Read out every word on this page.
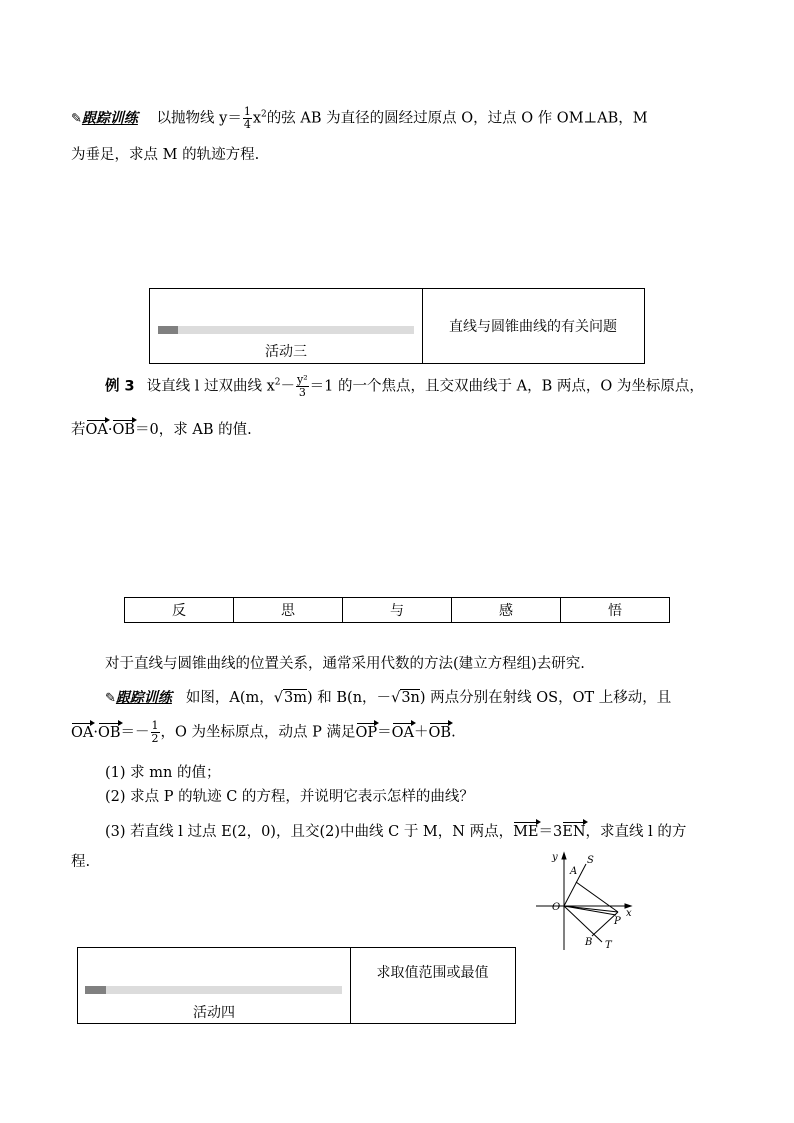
✎跟踪训练 以抛物线 $y= \frac{1}{4} x^2$的弦 AB 为直径的圆经过原点 O，过点 O 作 OM⊥AB，M
为垂足，求点 M 的轨迹方程.
活动三
直线与圆锥曲线的有关问题
例 3 设直线 l 过双曲线 $x^2- \frac{\text{y²}}{3} =1$ 的一个焦点，且交双曲线于 A，B 两点，O 为坐标原点，
若OA·OB＝0，求 AB 的值.
反	思	与	感	悟
对于直线与圆锥曲线的位置关系，通常采用代数的方法(建立方程组)去研究.
✎跟踪训练 如图，A(m，√3m) 和 B(n，－√3n) 两点分别在射线 OS，OT 上移动，且
$OA\cdot OB=- \frac{1}{2}$ ，O 为坐标原点，动点 P 满足OP＝OA＋OB.
(1) 求 mn 的值；
(2) 求点 P 的轨迹 C 的方程，并说明它表示怎样的曲线？
(3) 若直线 l 过点 E(2，0)，且交(2)中曲线 C 于 M，N 两点，ME＝3EN，求直线 l 的方
程.	y
x
O
A
S
P
B T
活动四
求取值范围或最值
